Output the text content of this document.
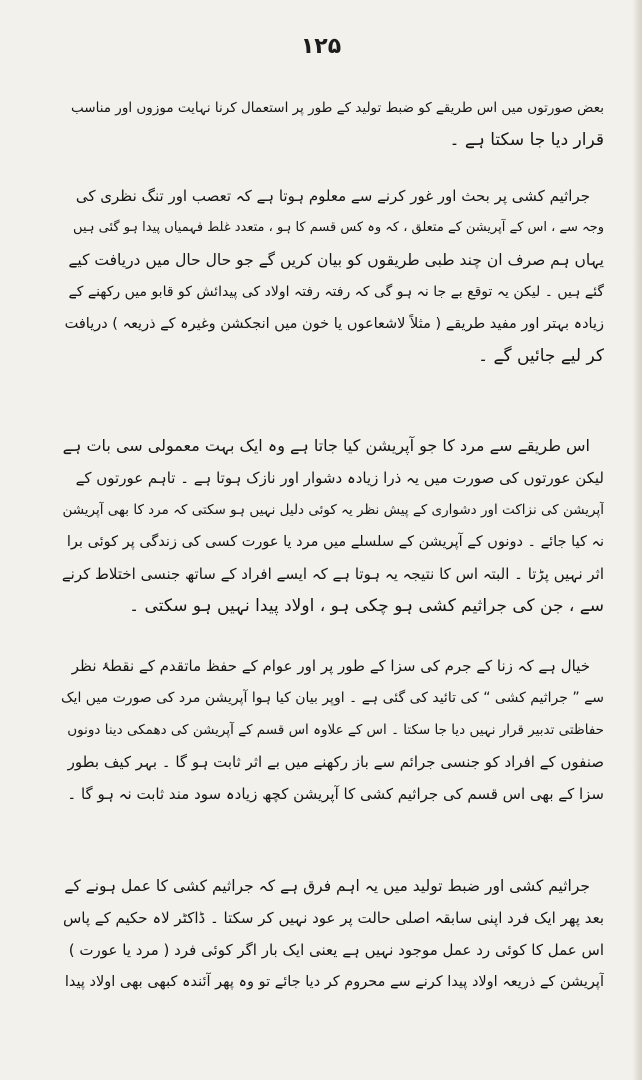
۱۲۵
بعض صورتوں میں اس طریقے کو ضبط تولید کے طور پر استعمال کرنا نہایت موزوں اور مناسب
قرار دیا جا سکتا ہے ۔
جراثیم کشی پر بحث اور غور کرنے سے معلوم ہوتا ہے کہ تعصب اور تنگ نظری کی
وجہ سے ، اس کے آپریشن کے متعلق ، کہ وہ کس قسم کا ہو ، متعدد غلط فہمیاں پیدا ہو گئی ہیں
یہاں ہم صرف ان چند طبی طریقوں کو بیان کریں گے جو حال حال میں دریافت کیے
گئے ہیں ۔ لیکن یہ توقع بے جا نہ ہو گی کہ رفتہ رفتہ اولاد کی پیدائش کو قابو میں رکھنے کے
زیادہ بہتر اور مفید طریقے ( مثلاً لاشعاعوں یا خون میں انجکشن وغیرہ کے ذریعہ ) دریافت
کر لیے جائیں گے ۔
اس طریقے سے مرد کا جو آپریشن کیا جاتا ہے وہ ایک بہت معمولی سی بات ہے
لیکن عورتوں کی صورت میں یہ ذرا زیادہ دشوار اور نازک ہوتا ہے ۔ تاہم عورتوں کے
آپریشن کی نزاکت اور دشواری کے پیش نظر یہ کوئی دلیل نہیں ہو سکتی کہ مرد کا بھی آپریشن
نہ کیا جائے ۔ دونوں کے آپریشن کے سلسلے میں مرد یا عورت کسی کی زندگی پر کوئی برا
اثر نہیں پڑتا ۔ البتہ اس کا نتیجہ یہ ہوتا ہے کہ ایسے افراد کے ساتھ جنسی اختلاط کرنے
سے ، جن کی جراثیم کشی ہو چکی ہو ، اولاد پیدا نہیں ہو سکتی ۔
خیال ہے کہ زنا کے جرم کی سزا کے طور پر اور عوام کے حفظ ماتقدم کے نقطۂ نظر
سے ” جراثیم کشی “ کی تائید کی گئی ہے ۔ اوپر بیان کیا ہوا آپریشن مرد کی صورت میں ایک
حفاظتی تدبیر قرار نہیں دیا جا سکتا ۔ اس کے علاوہ اس قسم کے آپریشن کی دھمکی دینا دونوں
صنفوں کے افراد کو جنسی جرائم سے باز رکھنے میں بے اثر ثابت ہو گا ۔ بہر کیف بطور
سزا کے بھی اس قسم کی جراثیم کشی کا آپریشن کچھ زیادہ سود مند ثابت نہ ہو گا ۔
جراثیم کشی اور ضبط تولید میں یہ اہم فرق ہے کہ جراثیم کشی کا عمل ہونے کے
بعد پھر ایک فرد اپنی سابقہ اصلی حالت پر عود نہیں کر سکتا ۔ ڈاکٹر لاہ حکیم کے پاس
اس عمل کا کوئی رد عمل موجود نہیں ہے یعنی ایک بار اگر کوئی فرد ( مرد یا عورت )
آپریشن کے ذریعہ اولاد پیدا کرنے سے محروم کر دیا جائے تو وہ پھر آئندہ کبھی بھی اولاد پیدا
